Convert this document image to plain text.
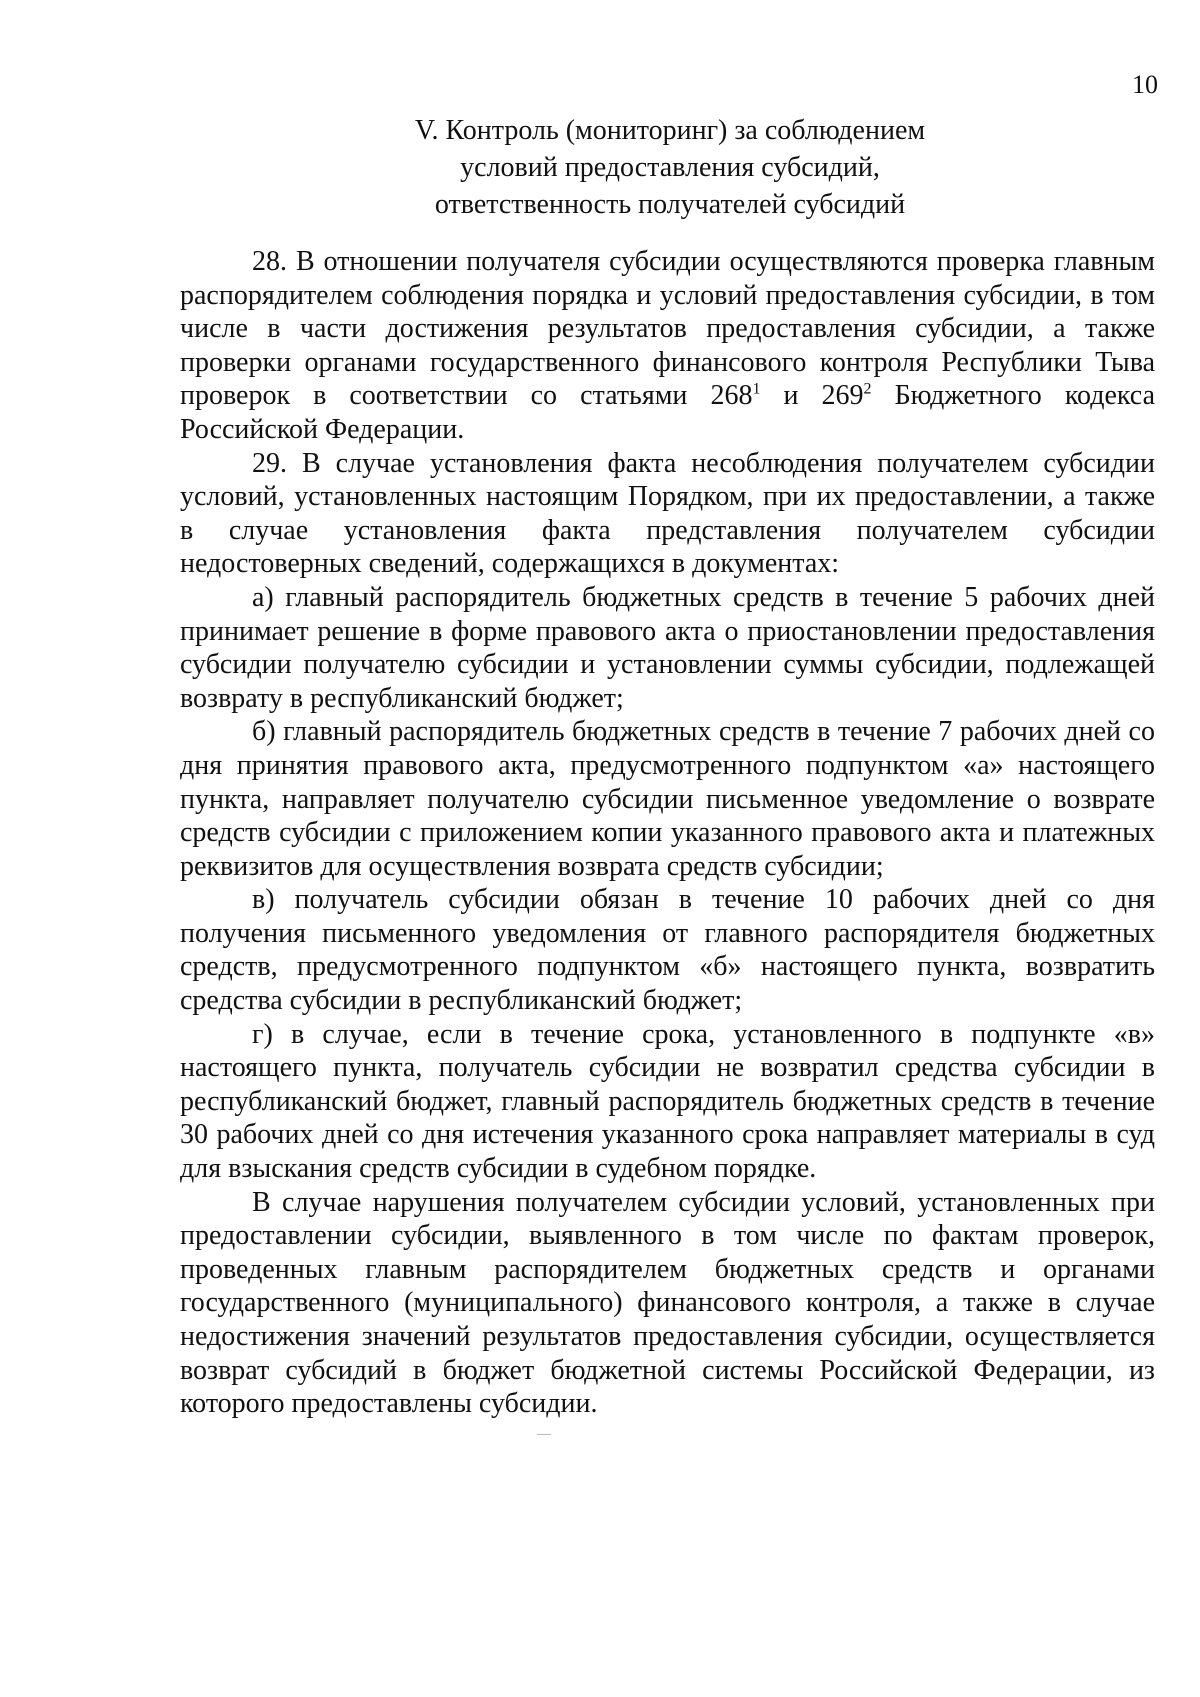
10
V. Контроль (мониторинг) за соблюдением
условий предоставления субсидий,
ответственность получателей субсидий

28. В отношении получателя субсидии осуществляются проверка главным распорядителем соблюдения порядка и условий предоставления субсидии, в том числе в части достижения результатов предоставления субсидии, а также проверки органами государственного финансового контроля Республики Тыва проверок в соответствии со статьями $268^1$ и $269^2$ Бюджетного кодекса Российской Федерации.

29. В случае установления факта несоблюдения получателем субсидии условий, установленных настоящим Порядком, при их предоставлении, а также в случае установления факта представления получателем субсидии недостоверных сведений, содержащихся в документах:

а) главный распорядитель бюджетных средств в течение 5 рабочих дней принимает решение в форме правового акта о приостановлении предоставления субсидии получателю субсидии и установлении суммы субсидии, подлежащей возврату в республиканский бюджет;

б) главный распорядитель бюджетных средств в течение 7 рабочих дней со дня принятия правового акта, предусмотренного подпунктом «а» настоящего пункта, направляет получателю субсидии письменное уведомление о возврате средств субсидии с приложением копии указанного правового акта и платежных реквизитов для осуществления возврата средств субсидии;

в) получатель субсидии обязан в течение 10 рабочих дней со дня получения письменного уведомления от главного распорядителя бюджетных средств, предусмотренного подпунктом «б» настоящего пункта, возвратить средства субсидии в республиканский бюджет;

г) в случае, если в течение срока, установленного в подпункте «в» настоящего пункта, получатель субсидии не возвратил средства субсидии в республиканский бюджет, главный распорядитель бюджетных средств в течение 30 рабочих дней со дня истечения указанного срока направляет материалы в суд для взыскания средств субсидии в судебном порядке.

В случае нарушения получателем субсидии условий, установленных при предоставлении субсидии, выявленного в том числе по фактам проверок, проведенных главным распорядителем бюджетных средств и органами государственного (муниципального) финансового контроля, а также в случае недостижения значений результатов предоставления субсидии, осуществляется возврат субсидий в бюджет бюджетной системы Российской Федерации, из которого предоставлены субсидии.
